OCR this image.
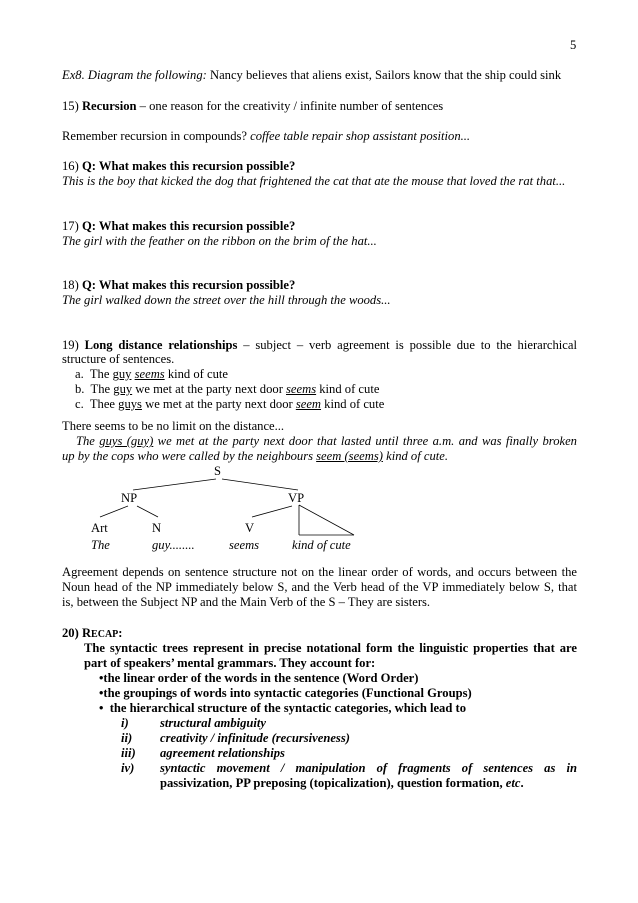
5
Ex8. Diagram the following: Nancy believes that aliens exist, Sailors know that the ship could sink
15) Recursion – one reason for the creativity / infinite number of sentences
Remember recursion in compounds? coffee table repair shop assistant position...
16) Q: What makes this recursion possible?
This is the boy that kicked the dog that frightened the cat that ate the mouse that loved the rat that...
17) Q: What makes this recursion possible?
The girl with the feather on the ribbon on the brim of the hat...
18) Q: What makes this recursion possible?
The girl walked down the street over the hill through the woods...
19) Long distance relationships – subject – verb agreement is possible due to the hierarchical
structure of sentences.
a. The guy seems kind of cute
b. The guy we met at the party next door seems kind of cute
c. Thee guys we met at the party next door seem kind of cute
There seems to be no limit on the distance...
The guys (guy) we met at the party next door that lasted until three a.m. and was finally broken
up by the cops who were called by the neighbours seem (seems) kind of cute.
S
NP	VP
Art	N	V
The	guy........	seems	kind of cute
Agreement depends on sentence structure not on the linear order of words, and occurs between the
Noun head of the NP immediately below S, and the Verb head of the VP immediately below S, that
is, between the Subject NP and the Main Verb of the S – They are sisters.
20) RECAP:
The syntactic trees represent in precise notational form the linguistic properties that are
part of speakers’ mental grammars. They account for:
•the linear order of the words in the sentence (Word Order)
•the groupings of words into syntactic categories (Functional Groups)
• the hierarchical structure of the syntactic categories, which lead to
i) structural ambiguity
ii) creativity / infinitude (recursiveness)
iii) agreement relationships
iv) syntactic movement / manipulation of fragments of sentences as in
passivization, PP preposing (topicalization), question formation, etc.
